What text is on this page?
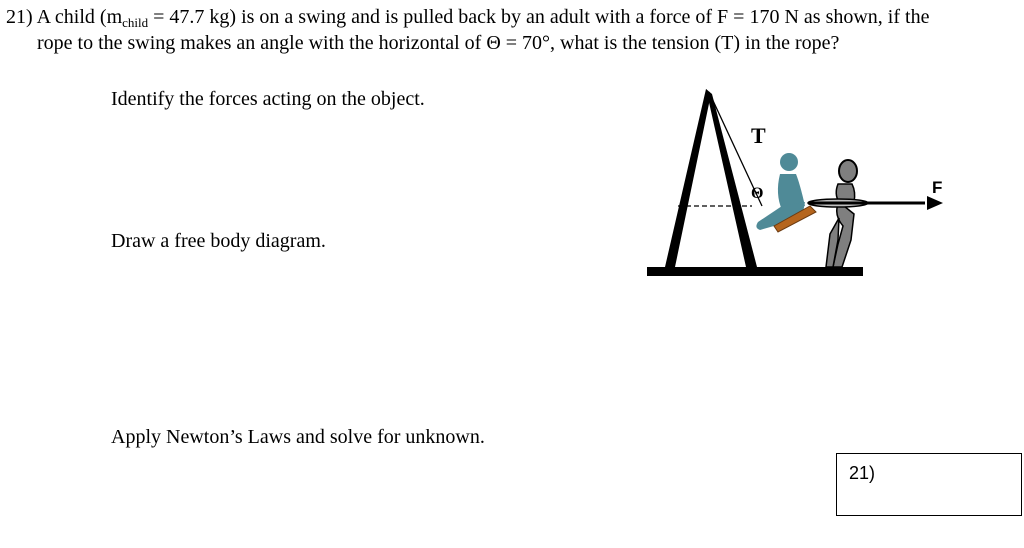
21) A child ($m_{child} = 47.7$ kg) is on a swing and is pulled back by an adult with a force of F = 170 N as shown, if the
rope to the swing makes an angle with the horizontal of Θ = 70°, what is the tension (T) in the rope?
Identify the forces acting on the object.
Draw a free body diagram.
Apply Newton’s Laws and solve for unknown.
T
Θ	F
21)
